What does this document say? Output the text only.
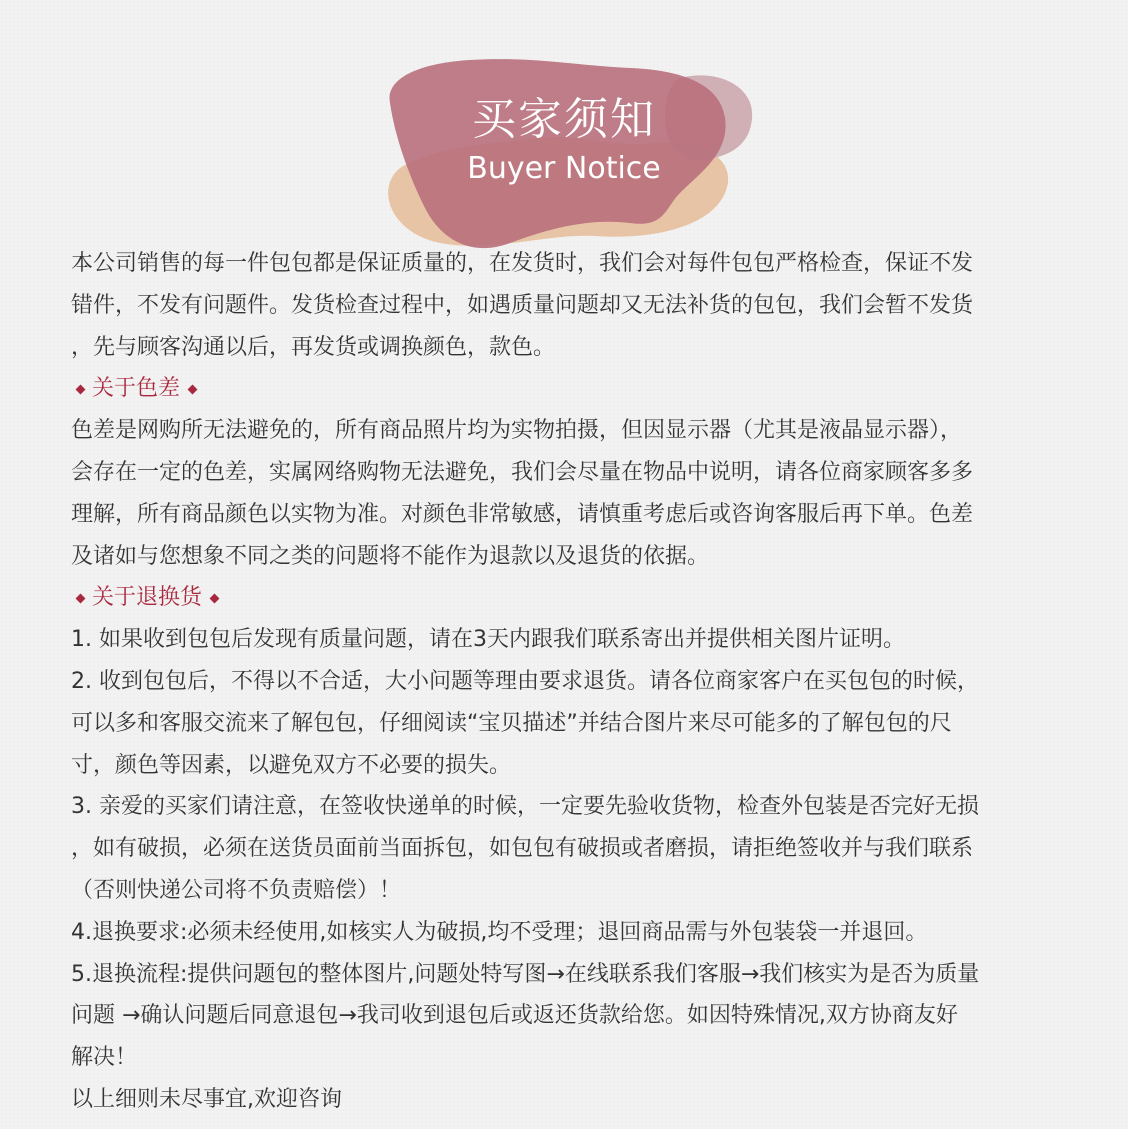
买家须知
Buyer Notice

本公司销售的每一件包包都是保证质量的，在发货时，我们会对每件包包严格检查，保证不发
错件，不发有问题件。发货检查过程中，如遇质量问题却又无法补货的包包，我们会暂不发货
，先与顾客沟通以后，再发货或调换颜色，款色。

关于色差

色差是网购所无法避免的，所有商品照片均为实物拍摄，但因显示器（尤其是液晶显示器），
会存在一定的色差，实属网络购物无法避免，我们会尽量在物品中说明，请各位商家顾客多多
理解，所有商品颜色以实物为准。对颜色非常敏感，请慎重考虑后或咨询客服后再下单。色差
及诸如与您想象不同之类的问题将不能作为退款以及退货的依据。

关于退换货

1. 如果收到包包后发现有质量问题，请在3天内跟我们联系寄出并提供相关图片证明。

2. 收到包包后，不得以不合适，大小问题等理由要求退货。请各位商家客户在买包包的时候，
可以多和客服交流来了解包包，仔细阅读“宝贝描述”并结合图片来尽可能多的了解包包的尺
寸，颜色等因素，以避免双方不必要的损失。

3. 亲爱的买家们请注意，在签收快递单的时候，一定要先验收货物，检查外包装是否完好无损
，如有破损，必须在送货员面前当面拆包，如包包有破损或者磨损，请拒绝签收并与我们联系
（否则快递公司将不负责赔偿）！

4.退换要求:必须未经使用,如核实人为破损,均不受理；退回商品需与外包装袋一并退回。

5.退换流程:提供问题包的整体图片,问题处特写图→在线联系我们客服→我们核实为是否为质量
问题 →确认问题后同意退包→我司收到退包后或返还货款给您。如因特殊情况,双方协商友好
解决！

以上细则未尽事宜,欢迎咨询
